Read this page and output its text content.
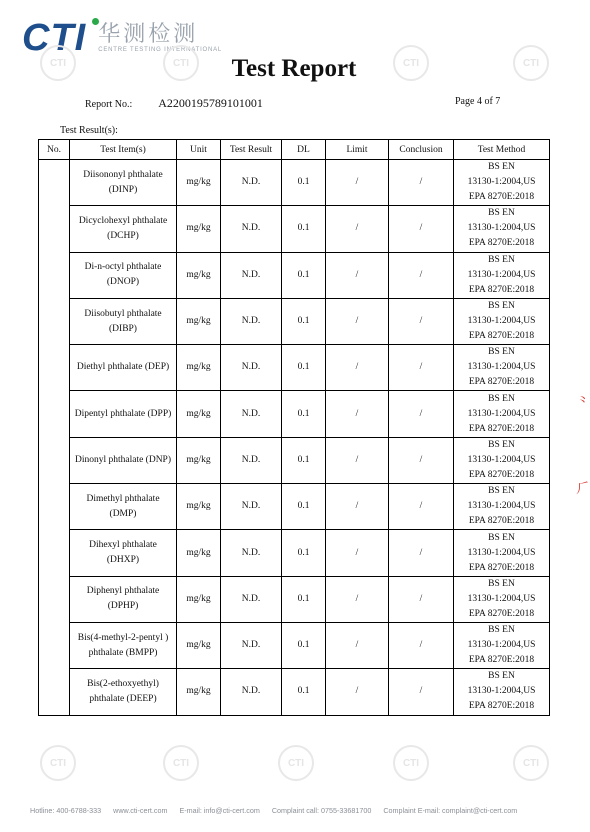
CTI 华测检测
CENTRE TESTING INTERNATIONAL
CTI	CTI	CTI	CTI
CTI	CTI	CTI	CTI	CTI
Test Report
Report No.: A2200195789101001	Page 4 of 7
Test Result(s):
No.	Test Item(s)	Unit	Test Result	DL	Limit	Conclusion	Test Method
	Diisononyl phthalate (DINP)	mg/kg	N.D.	0.1	/	/	BS EN
13130-1:2004,US
EPA 8270E:2018

	Dicyclohexyl phthalate (DCHP)	mg/kg	N.D.	0.1	/	/	BS EN
13130-1:2004,US
EPA 8270E:2018

	Di-n-octyl phthalate (DNOP)	mg/kg	N.D.	0.1	/	/	BS EN
13130-1:2004,US
EPA 8270E:2018

	Diisobutyl phthalate (DIBP)	mg/kg	N.D.	0.1	/	/	BS EN
13130-1:2004,US
EPA 8270E:2018

	Diethyl phthalate (DEP)	mg/kg	N.D.	0.1	/	/	BS EN
13130-1:2004,US
EPA 8270E:2018

	Dipentyl phthalate (DPP)	mg/kg	N.D.	0.1	/	/	BS EN
13130-1:2004,US
EPA 8270E:2018

	Dinonyl phthalate (DNP)	mg/kg	N.D.	0.1	/	/	BS EN
13130-1:2004,US
EPA 8270E:2018

	Dimethyl phthalate (DMP)	mg/kg	N.D.	0.1	/	/	BS EN
13130-1:2004,US
EPA 8270E:2018

	Dihexyl phthalate (DHXP)	mg/kg	N.D.	0.1	/	/	BS EN
13130-1:2004,US
EPA 8270E:2018

	Diphenyl phthalate (DPHP)	mg/kg	N.D.	0.1	/	/	BS EN
13130-1:2004,US
EPA 8270E:2018

	Bis(4-methyl-2-pentyl ) phthalate (BMPP)	mg/kg	N.D.	0.1	/	/	BS EN
13130-1:2004,US
EPA 8270E:2018

	Bis(2-ethoxyethyl) phthalate (DEEP)	mg/kg	N.D.	0.1	/	/	BS EN
13130-1:2004,US
EPA 8270E:2018
⺀
⺁
Hotline: 400-6788-333 www.cti-cert.com E-mail: info@cti-cert.com Complaint call: 0755-33681700 Complaint E-mail: complaint@cti-cert.com
